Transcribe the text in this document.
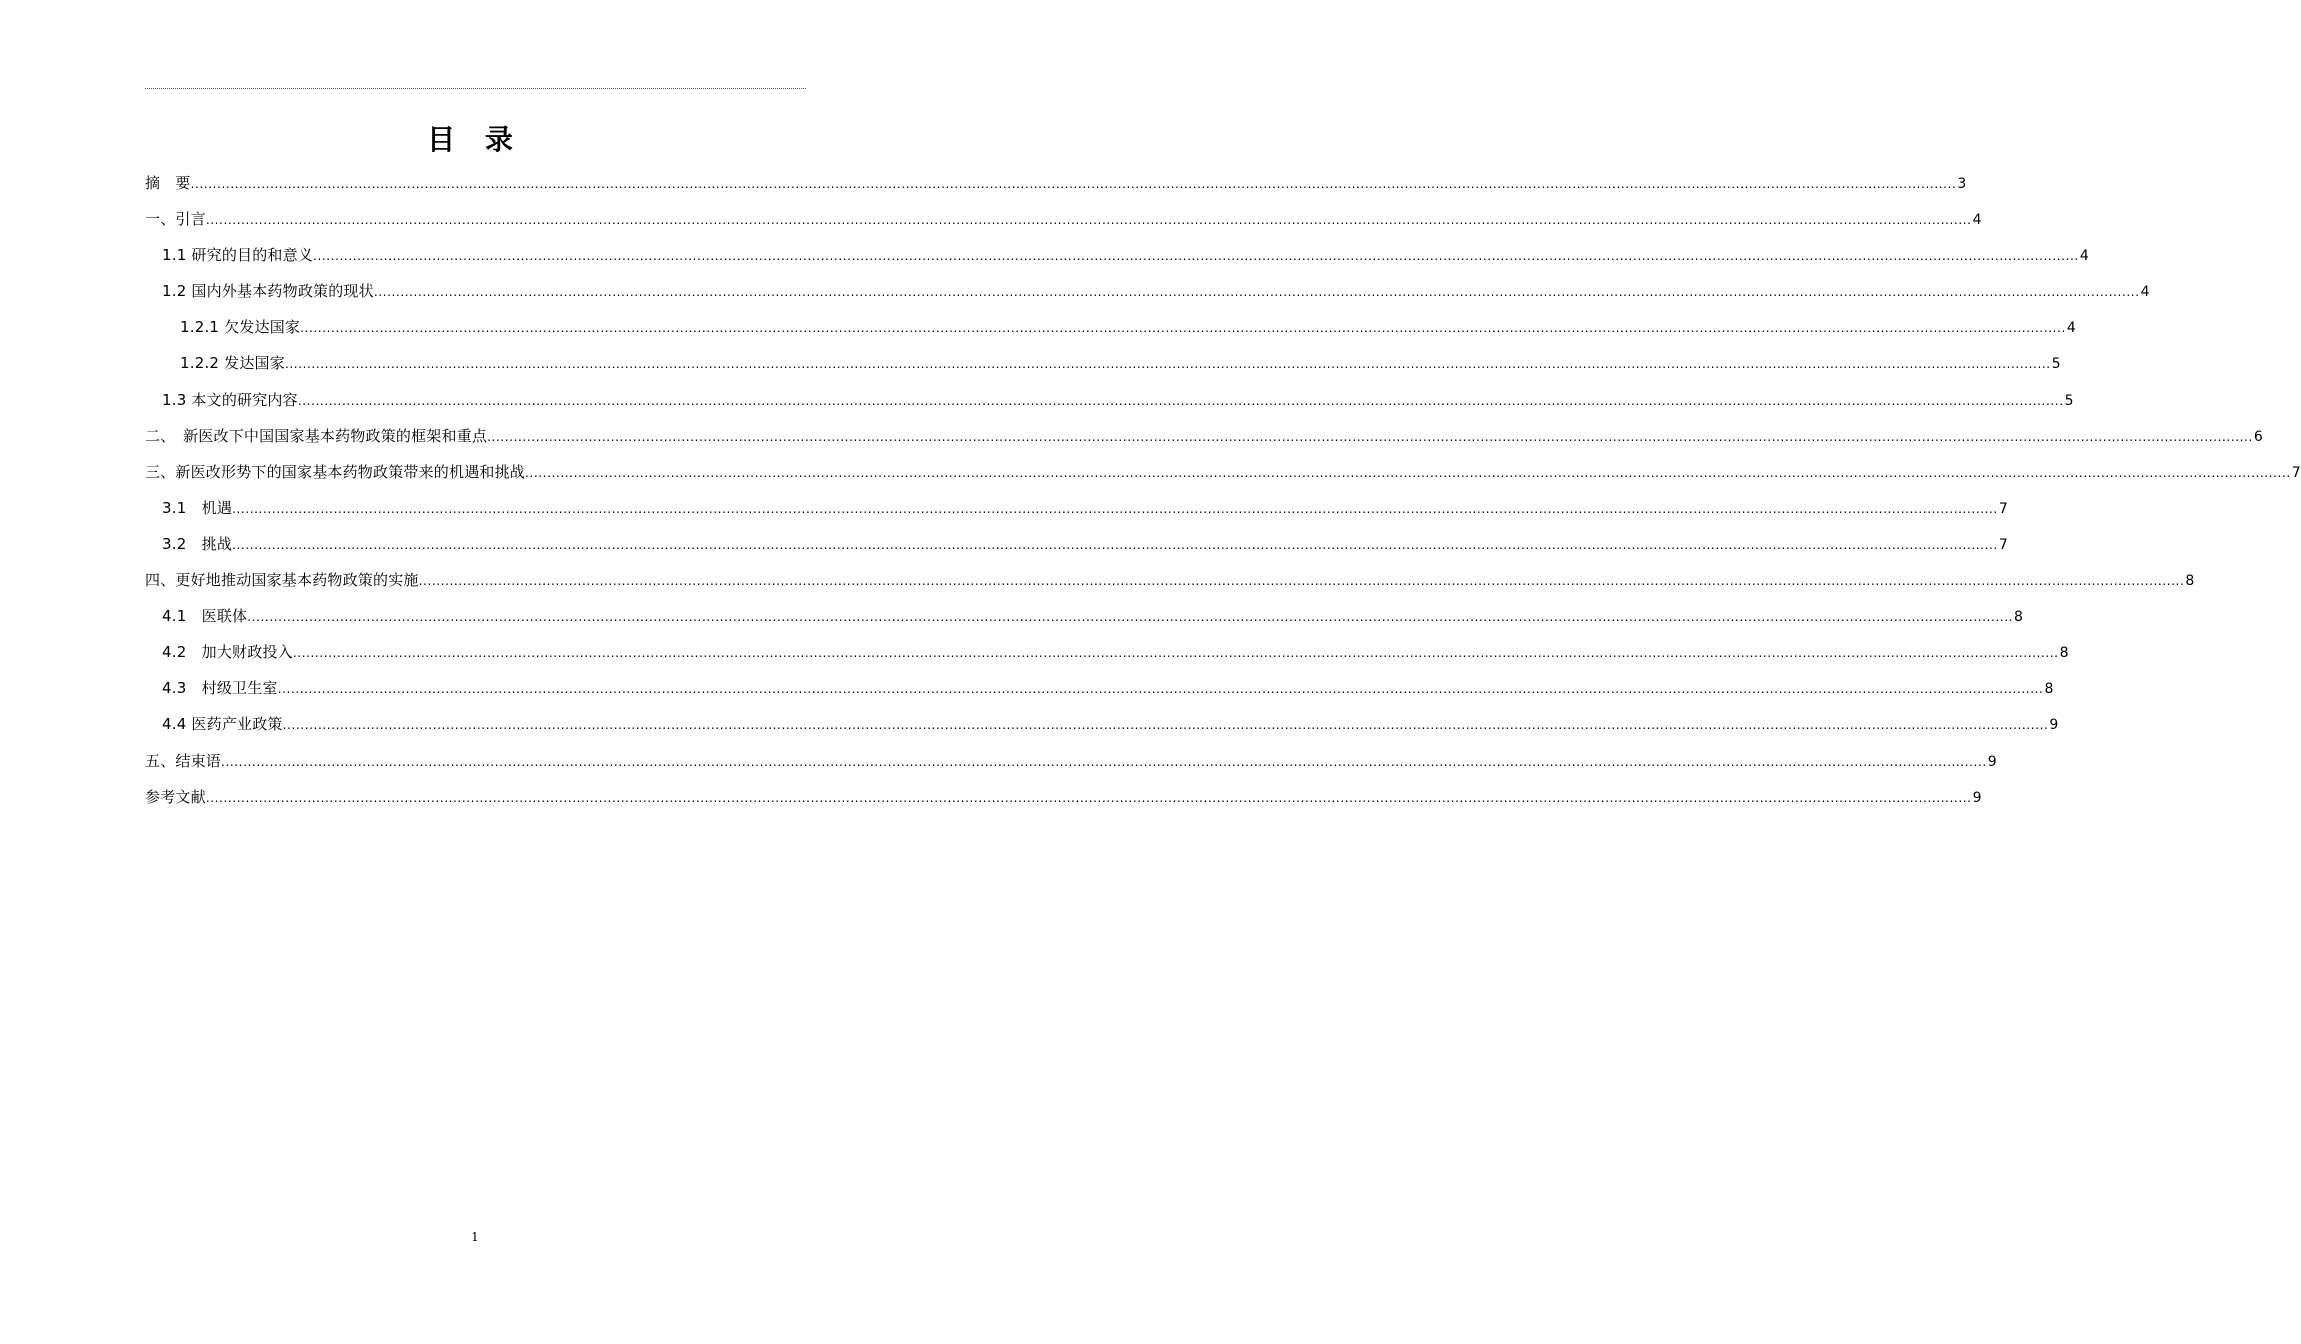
目 录
摘　要 ................................................................................................................................................................................................................................................................................................................................................................................................................ 3
一、引言 ................................................................................................................................................................................................................................................................................................................................................................................................................ 4
1.1 研究的目的和意义 ................................................................................................................................................................................................................................................................................................................................................................................................................ 4
1.2 国内外基本药物政策的现状 ................................................................................................................................................................................................................................................................................................................................................................................................................ 4
1.2.1 欠发达国家 ................................................................................................................................................................................................................................................................................................................................................................................................................ 4
1.2.2 发达国家 ................................................................................................................................................................................................................................................................................................................................................................................................................ 5
1.3 本文的研究内容 ................................................................................................................................................................................................................................................................................................................................................................................................................ 5
二、　新医改下中国国家基本药物政策的框架和重点 ................................................................................................................................................................................................................................................................................................................................................................................................................ 6
三、新医改形势下的国家基本药物政策带来的机遇和挑战 ................................................................................................................................................................................................................................................................................................................................................................................................................ 7
3.1　机遇 ................................................................................................................................................................................................................................................................................................................................................................................................................ 7
3.2　挑战 ................................................................................................................................................................................................................................................................................................................................................................................................................ 7
四、更好地推动国家基本药物政策的实施 ................................................................................................................................................................................................................................................................................................................................................................................................................ 8
4.1　医联体 ................................................................................................................................................................................................................................................................................................................................................................................................................ 8
4.2　加大财政投入 ................................................................................................................................................................................................................................................................................................................................................................................................................ 8
4.3　村级卫生室 ................................................................................................................................................................................................................................................................................................................................................................................................................ 8
4.4 医药产业政策 ................................................................................................................................................................................................................................................................................................................................................................................................................ 9
五、结束语 ................................................................................................................................................................................................................................................................................................................................................................................................................ 9
参考文献 ................................................................................................................................................................................................................................................................................................................................................................................................................ 9
1
